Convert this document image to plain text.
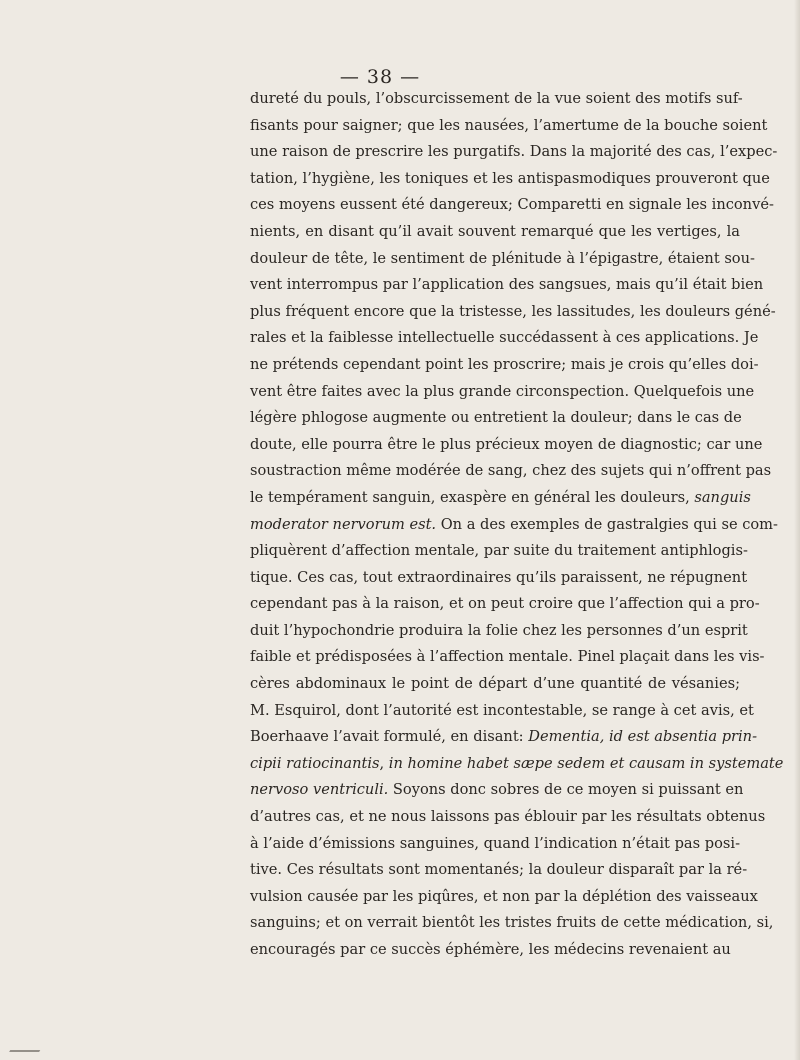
— 38 —
dureté du pouls, l’obscurcissement de la vue soient des motifs suf-
fisants pour saigner; que les nausées, l’amertume de la bouche soient
une raison de prescrire les purgatifs. Dans la majorité des cas, l’expec-
tation, l’hygiène, les toniques et les antispasmodiques prouveront que
ces moyens eussent été dangereux; Comparetti en signale les inconvé-
nients, en disant qu’il avait souvent remarqué que les vertiges, la
douleur de tête, le sentiment de plénitude à l’épigastre, étaient sou-
vent interrompus par l’application des sangsues, mais qu’il était bien
plus fréquent encore que la tristesse, les lassitudes, les douleurs géné-
rales et la faiblesse intellectuelle succédassent à ces applications. Je
ne prétends cependant point les proscrire; mais je crois qu’elles doi-
vent être faites avec la plus grande circonspection. Quelquefois une
légère phlogose augmente ou entretient la douleur; dans le cas de
doute, elle pourra être le plus précieux moyen de diagnostic; car une
soustraction même modérée de sang, chez des sujets qui n’offrent pas
le tempérament sanguin, exaspère en général les douleurs, sanguis
moderator nervorum est. On a des exemples de gastralgies qui se com-
pliquèrent d’affection mentale, par suite du traitement antiphlogis-
tique. Ces cas, tout extraordinaires qu’ils paraissent, ne répugnent
cependant pas à la raison, et on peut croire que l’affection qui a pro-
duit l’hypochondrie produira la folie chez les personnes d’un esprit
faible et prédisposées à l’affection mentale. Pinel plaçait dans les vis-
cères abdominaux le point de départ d’une quantité de vésanies;
M. Esquirol, dont l’autorité est incontestable, se range à cet avis, et
Boerhaave l’avait formulé, en disant: Dementia, id est absentia prin-
cipii ratiocinantis, in homine habet sæpe sedem et causam in systemate
nervoso ventriculi. Soyons donc sobres de ce moyen si puissant en
d’autres cas, et ne nous laissons pas éblouir par les résultats obtenus
à l’aide d’émissions sanguines, quand l’indication n’était pas posi-
tive. Ces résultats sont momentanés; la douleur disparaît par la ré-
vulsion causée par les piqûres, et non par la déplétion des vaisseaux
sanguins; et on verrait bientôt les tristes fruits de cette médication, si,
encouragés par ce succès éphémère, les médecins revenaient au
